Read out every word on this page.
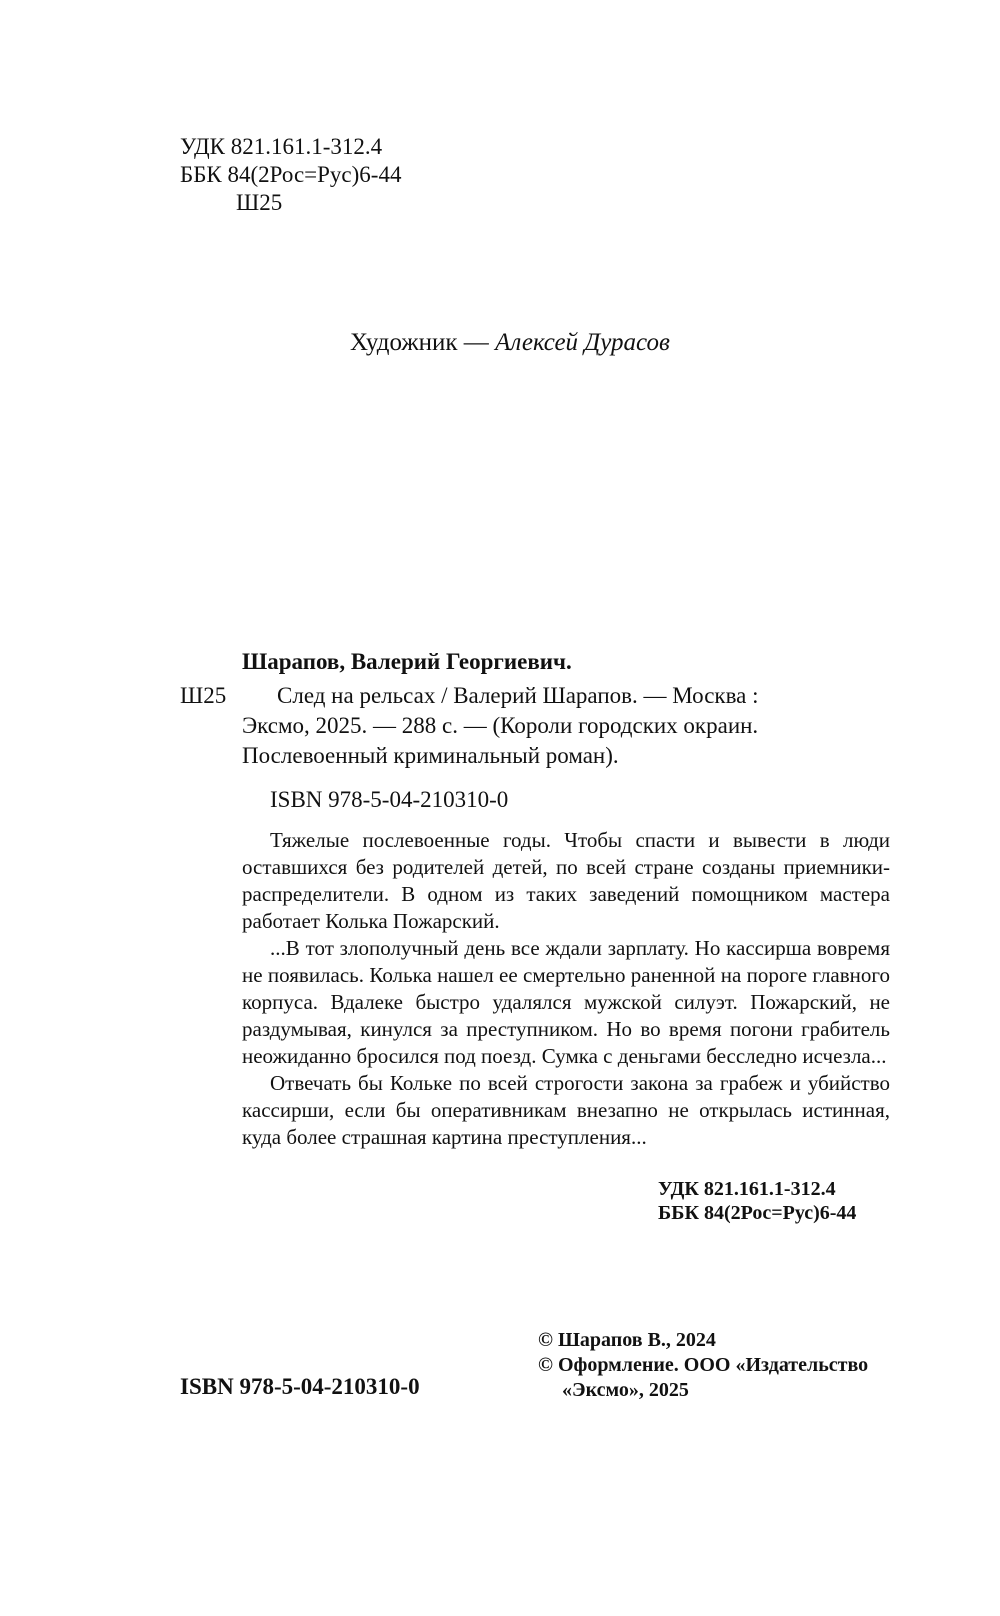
УДК 821.161.1-312.4
ББК 84(2Рос=Рус)6-44
Ш25
Художник — Алексей Дурасов
Шарапов, Валерий Георгиевич.
Ш25	След на рельсах / Валерий Шарапов. — Москва :
Эксмо, 2025. — 288 с. — (Короли городских окраин.
Послевоенный криминальный роман).
ISBN 978-5-04-210310-0

Тяжелые послевоенные годы. Чтобы спасти и вывести в люди оставшихся без родителей детей, по всей стране созданы приемники-распределители. В одном из таких заведений помощником мастера работает Колька Пожарский.

...В тот злополучный день все ждали зарплату. Но кассирша вовремя не появилась. Колька нашел ее смертельно раненной на пороге главного корпуса. Вдалеке быстро удалялся мужской силуэт. Пожарский, не раздумывая, кинулся за преступником. Но во время погони грабитель неожиданно бросился под поезд. Сумка с деньгами бесследно исчезла...

Отвечать бы Кольке по всей строгости закона за грабеж и убийство кассирши, если бы оперативникам внезапно не открылась истинная, куда более страшная картина преступления...

УДК 821.161.1-312.4
ББК 84(2Рос=Рус)6-44
ISBN 978-5-04-210310-0
© Шарапов В., 2024
© Оформление. ООО «Издательство
«Эксмо», 2025
